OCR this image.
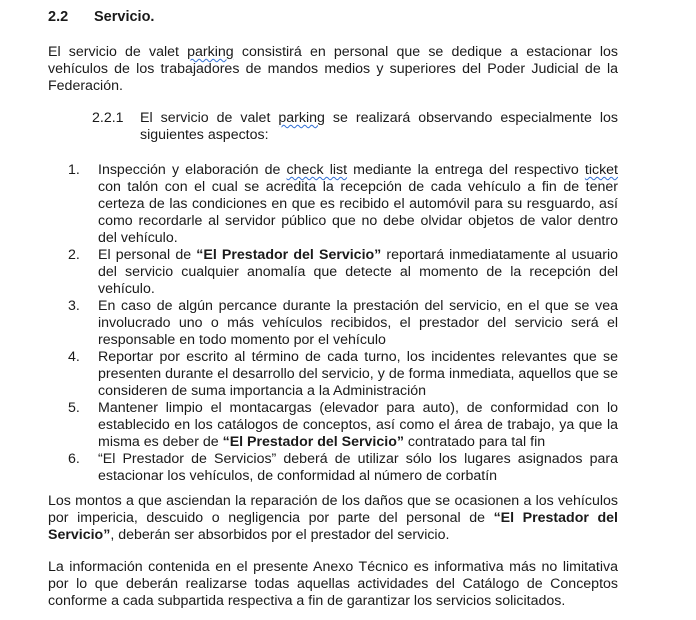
2.2 Servicio.
El servicio de valet parking consistirá en personal que se dedique a estacionar los vehículos de los trabajadores de mandos medios y superiores del Poder Judicial de la Federación.
2.2.1 El servicio de valet parking se realizará observando especialmente los siguientes aspectos:
1. Inspección y elaboración de check list mediante la entrega del respectivo ticket con talón con el cual se acredita la recepción de cada vehículo a fin de tener certeza de las condiciones en que es recibido el automóvil para su resguardo, así como recordarle al servidor público que no debe olvidar objetos de valor dentro del vehículo.
2. El personal de “El Prestador del Servicio” reportará inmediatamente al usuario del servicio cualquier anomalía que detecte al momento de la recepción del vehículo.
3. En caso de algún percance durante la prestación del servicio, en el que se vea involucrado uno o más vehículos recibidos, el prestador del servicio será el responsable en todo momento por el vehículo
4. Reportar por escrito al término de cada turno, los incidentes relevantes que se presenten durante el desarrollo del servicio, y de forma inmediata, aquellos que se consideren de suma importancia a la Administración
5. Mantener limpio el montacargas (elevador para auto), de conformidad con lo establecido en los catálogos de conceptos, así como el área de trabajo, ya que la misma es deber de “El Prestador del Servicio” contratado para tal fin
6. “El Prestador de Servicios” deberá de utilizar sólo los lugares asignados para estacionar los vehículos, de conformidad al número de corbatín
Los montos a que asciendan la reparación de los daños que se ocasionen a los vehículos por impericia, descuido o negligencia por parte del personal de “El Prestador del Servicio”, deberán ser absorbidos por el prestador del servicio.
La información contenida en el presente Anexo Técnico es informativa más no limitativa por lo que deberán realizarse todas aquellas actividades del Catálogo de Conceptos conforme a cada subpartida respectiva a fin de garantizar los servicios solicitados.
